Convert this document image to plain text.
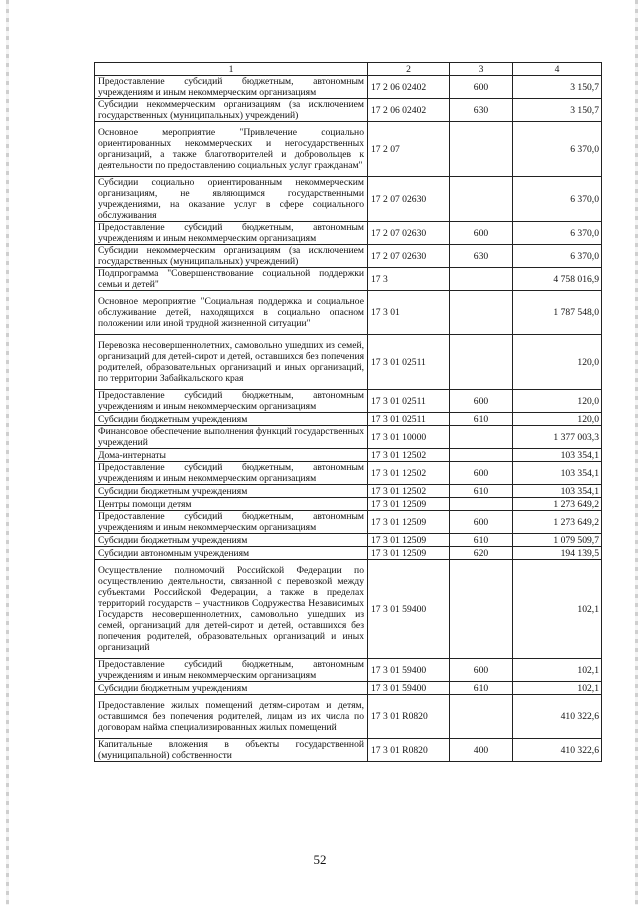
1	2	3	4
Предоставление субсидий бюджетным, автономным учреждениям и иным некоммерческим организациям	17 2 06 02402	600	3 150,7
Субсидии некоммерческим организациям (за исключением государственных (муниципальных) учреждений)	17 2 06 02402	630	3 150,7
Основное мероприятие "Привлечение социально ориентированных некоммерческих и негосударственных организаций, а также благотворителей и добровольцев к деятельности по предоставлению социальных услуг гражданам"	17 2 07		6 370,0
Субсидии социально ориентированным некоммерческим организациям, не являющимся государственными учреждениями, на оказание услуг в сфере социального обслуживания	17 2 07 02630		6 370,0
Предоставление субсидий бюджетным, автономным учреждениям и иным некоммерческим организациям	17 2 07 02630	600	6 370,0
Субсидии некоммерческим организациям (за исключением государственных (муниципальных) учреждений)	17 2 07 02630	630	6 370,0
Подпрограмма "Совершенствование социальной поддержки семьи и детей"	17 3		4 758 016,9
Основное мероприятие "Социальная поддержка и социальное обслуживание детей, находящихся в социально опасном положении или иной трудной жизненной ситуации"	17 3 01		1 787 548,0
Перевозка несовершеннолетних, самовольно ушедших из семей, организаций для детей-сирот и детей, оставшихся без попечения родителей, образовательных организаций и иных организаций, по территории Забайкальского края	17 3 01 02511		120,0
Предоставление субсидий бюджетным, автономным учреждениям и иным некоммерческим организациям	17 3 01 02511	600	120,0
Субсидии бюджетным учреждениям	17 3 01 02511	610	120,0
Финансовое обеспечение выполнения функций государственных учреждений	17 3 01 10000		1 377 003,3
Дома-интернаты	17 3 01 12502		103 354,1
Предоставление субсидий бюджетным, автономным учреждениям и иным некоммерческим организациям	17 3 01 12502	600	103 354,1
Субсидии бюджетным учреждениям	17 3 01 12502	610	103 354,1
Центры помощи детям	17 3 01 12509		1 273 649,2
Предоставление субсидий бюджетным, автономным учреждениям и иным некоммерческим организациям	17 3 01 12509	600	1 273 649,2
Субсидии бюджетным учреждениям	17 3 01 12509	610	1 079 509,7
Субсидии автономным учреждениям	17 3 01 12509	620	194 139,5
Осуществление полномочий Российской Федерации по осуществлению деятельности, связанной с перевозкой между субъектами Российской Федерации, а также в пределах территорий государств – участников Содружества Независимых Государств несовершеннолетних, самовольно ушедших из семей, организаций для детей-сирот и детей, оставшихся без попечения родителей, образовательных организаций и иных организаций	17 3 01 59400		102,1
Предоставление субсидий бюджетным, автономным учреждениям и иным некоммерческим организациям	17 3 01 59400	600	102,1
Субсидии бюджетным учреждениям	17 3 01 59400	610	102,1
Предоставление жилых помещений детям-сиротам и детям, оставшимся без попечения родителей, лицам из их числа по договорам найма специализированных жилых помещений	17 3 01 R0820		410 322,6
Капитальные вложения в объекты государственной (муниципальной) собственности	17 3 01 R0820	400	410 322,6
52
